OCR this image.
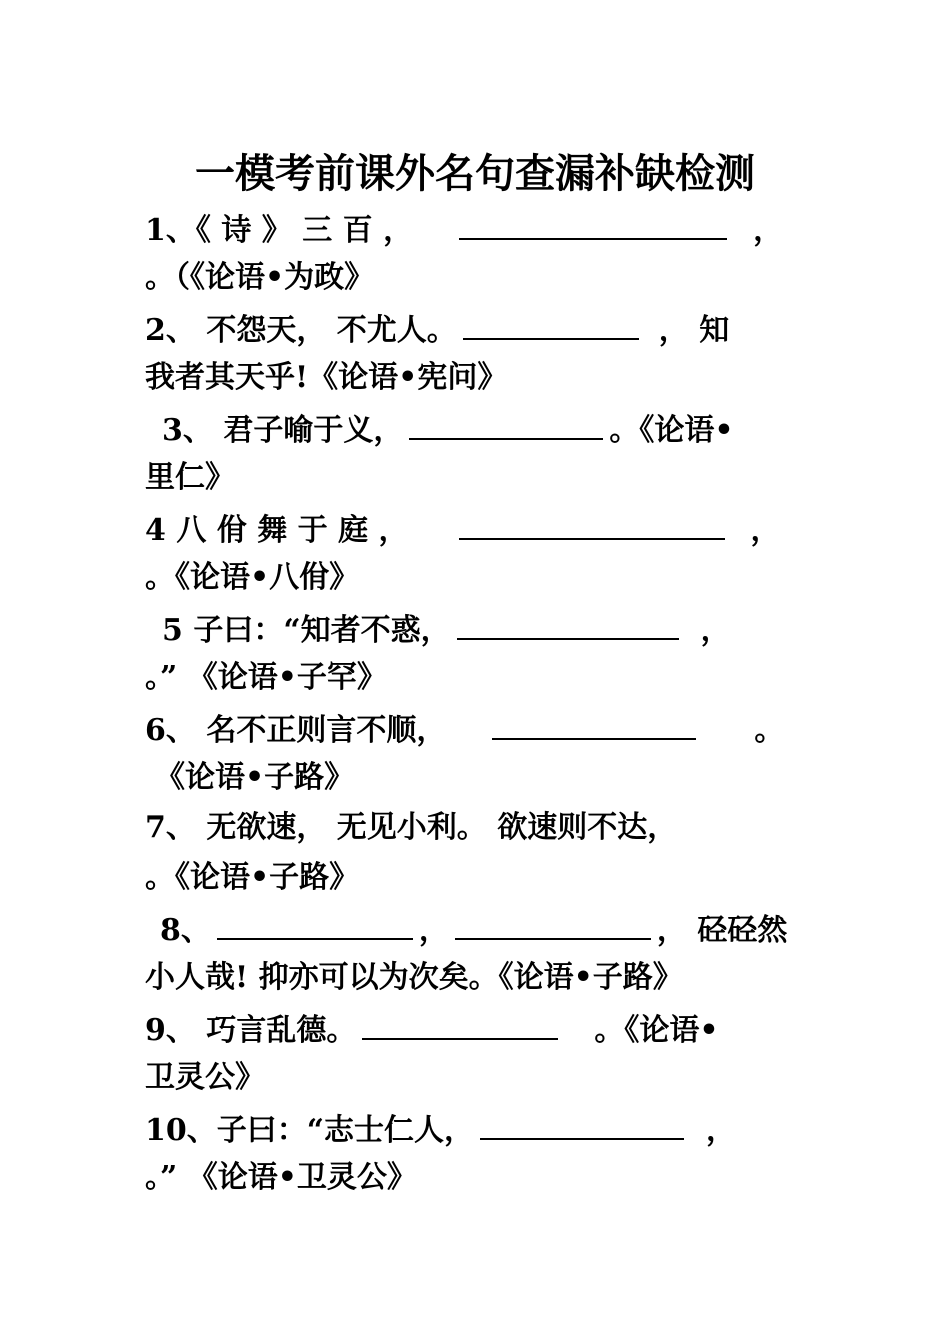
一模考前课外名句查漏补缺检测
1、《 诗 》 三 百 ，	，
。（《论语•为政》
2、 不怨天， 不尤人。	， 知
我者其天乎!《论语•宪问》
3、 君子喻于义，	。《论语•
里仁》
4 八 佾 舞 于 庭 ，	，
。《论语•八佾》
5 子曰：“知者不惑，	，
。” 《论语•子罕》
6、 名不正则言不顺，	。
《论语•子路》
7、 无欲速， 无见小利。 欲速则不达，
。《论语•子路》
8、	，	， 硁硁然
小人哉! 抑亦可以为次矣。《论语•子路》
9、 巧言乱德。	。《论语•
卫灵公》
10、子曰：“志士仁人，	，
。” 《论语•卫灵公》
